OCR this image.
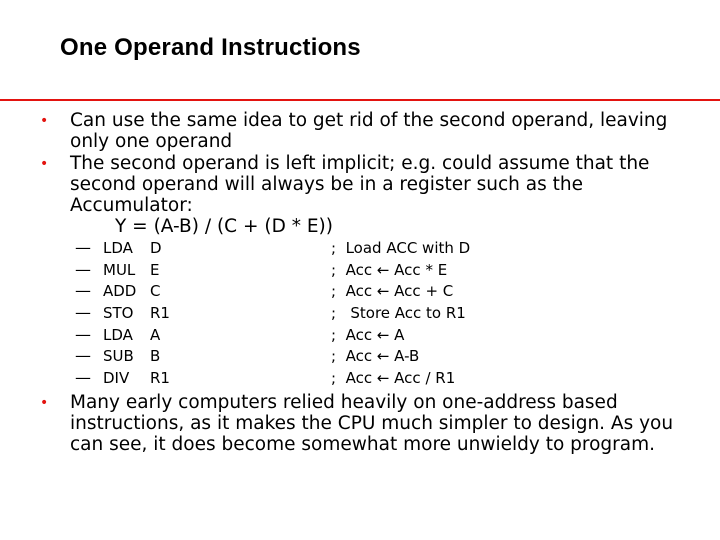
One Operand Instructions
• Can use the same idea to get rid of the second operand, leaving only one operand
• The second operand is left implicit; e.g. could assume that the second operand will always be in a register such as the Accumulator:
Y = (A-B) / (C + (D * E))
— LDA D	;  Load ACC with D
— MUL E	;  Acc ← Acc * E
— ADD C	;  Acc ← Acc + C
— STO R1	;   Store Acc to R1
— LDA A	;  Acc ← A
— SUB B	;  Acc ← A-B
— DIV R1	;  Acc ← Acc / R1
• Many early computers relied heavily on one-address based instructions, as it makes the CPU much simpler to design. As you can see, it does become somewhat more unwieldy to program.
